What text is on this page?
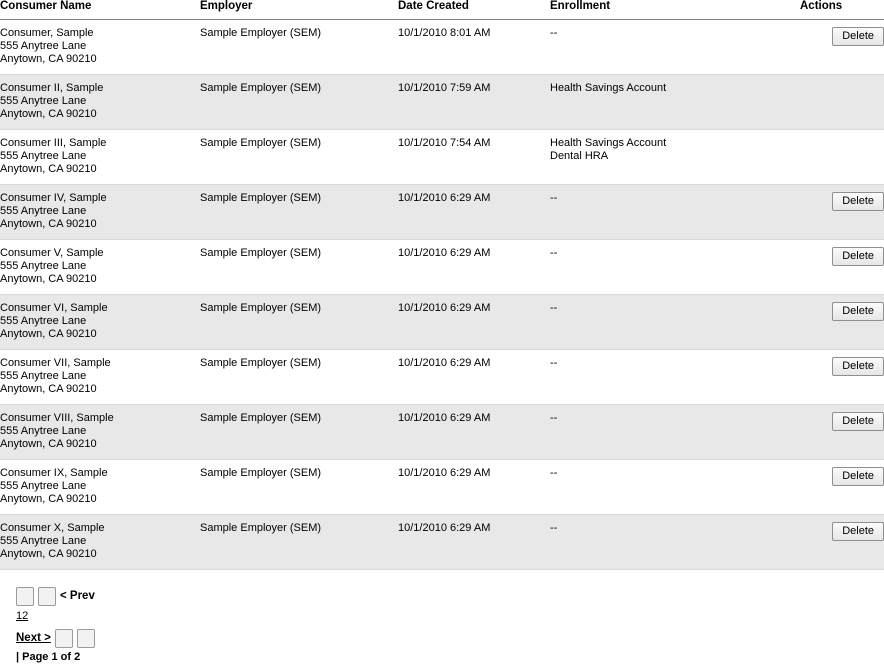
Consumer Name	Employer	Date Created	Enrollment	Actions
Consumer, Sample
555 Anytree Lane
Anytown, CA 90210	Sample Employer (SEM)	10/1/2010 8:01 AM	--	Delete
Consumer II, Sample
555 Anytree Lane
Anytown, CA 90210	Sample Employer (SEM)	10/1/2010 7:59 AM	Health Savings Account	

Consumer III, Sample
555 Anytree Lane
Anytown, CA 90210	Sample Employer (SEM)	10/1/2010 7:54 AM	Health Savings Account
Dental HRA	

Consumer IV, Sample
555 Anytree Lane
Anytown, CA 90210	Sample Employer (SEM)	10/1/2010 6:29 AM	--	Delete
Consumer V, Sample
555 Anytree Lane
Anytown, CA 90210	Sample Employer (SEM)	10/1/2010 6:29 AM	--	Delete
Consumer VI, Sample
555 Anytree Lane
Anytown, CA 90210	Sample Employer (SEM)	10/1/2010 6:29 AM	--	Delete
Consumer VII, Sample
555 Anytree Lane
Anytown, CA 90210	Sample Employer (SEM)	10/1/2010 6:29 AM	--	Delete
Consumer VIII, Sample
555 Anytree Lane
Anytown, CA 90210	Sample Employer (SEM)	10/1/2010 6:29 AM	--	Delete
Consumer IX, Sample
555 Anytree Lane
Anytown, CA 90210	Sample Employer (SEM)	10/1/2010 6:29 AM	--	Delete
Consumer X, Sample
555 Anytree Lane
Anytown, CA 90210	Sample Employer (SEM)	10/1/2010 6:29 AM	--	Delete
< Prev
12
Next >
| Page 1 of 2
